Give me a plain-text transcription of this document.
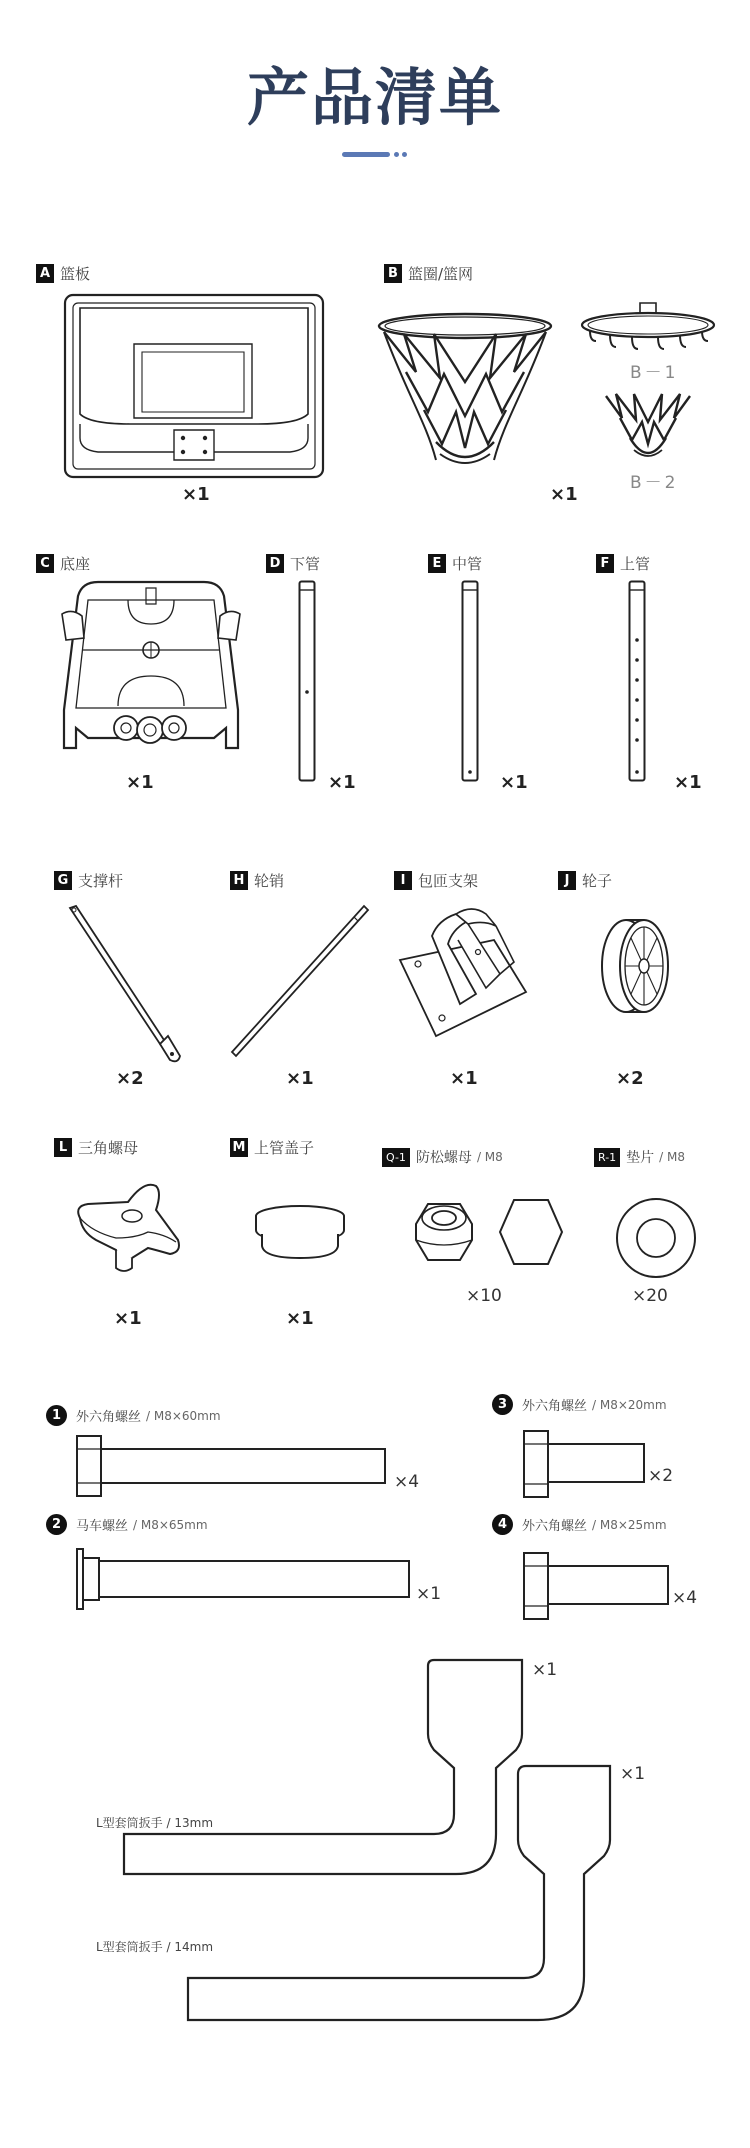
产品清单
A 篮板
×1
B 篮圈/篮网
B－1
B－2
×1
C 底座
×1
D 下管
×1
E 中管
×1
F 上管
×1
G 支撑杆
×2
H 轮销
×1
I 包匝支架
×1
J 轮子
×2
L 三角螺母
×1
M 上管盖子
×1
Q-1 防松螺母 / M8
×10
R-1 垫片 / M8
×20
1	外六角螺丝 / M8×60mm
×4
2	马车螺丝 / M8×65mm
×1
3	外六角螺丝 / M8×20mm
×2
4	外六角螺丝 / M8×25mm
×4
×1
L型套筒扳手 / 13mm
×1
L型套筒扳手 / 14mm
